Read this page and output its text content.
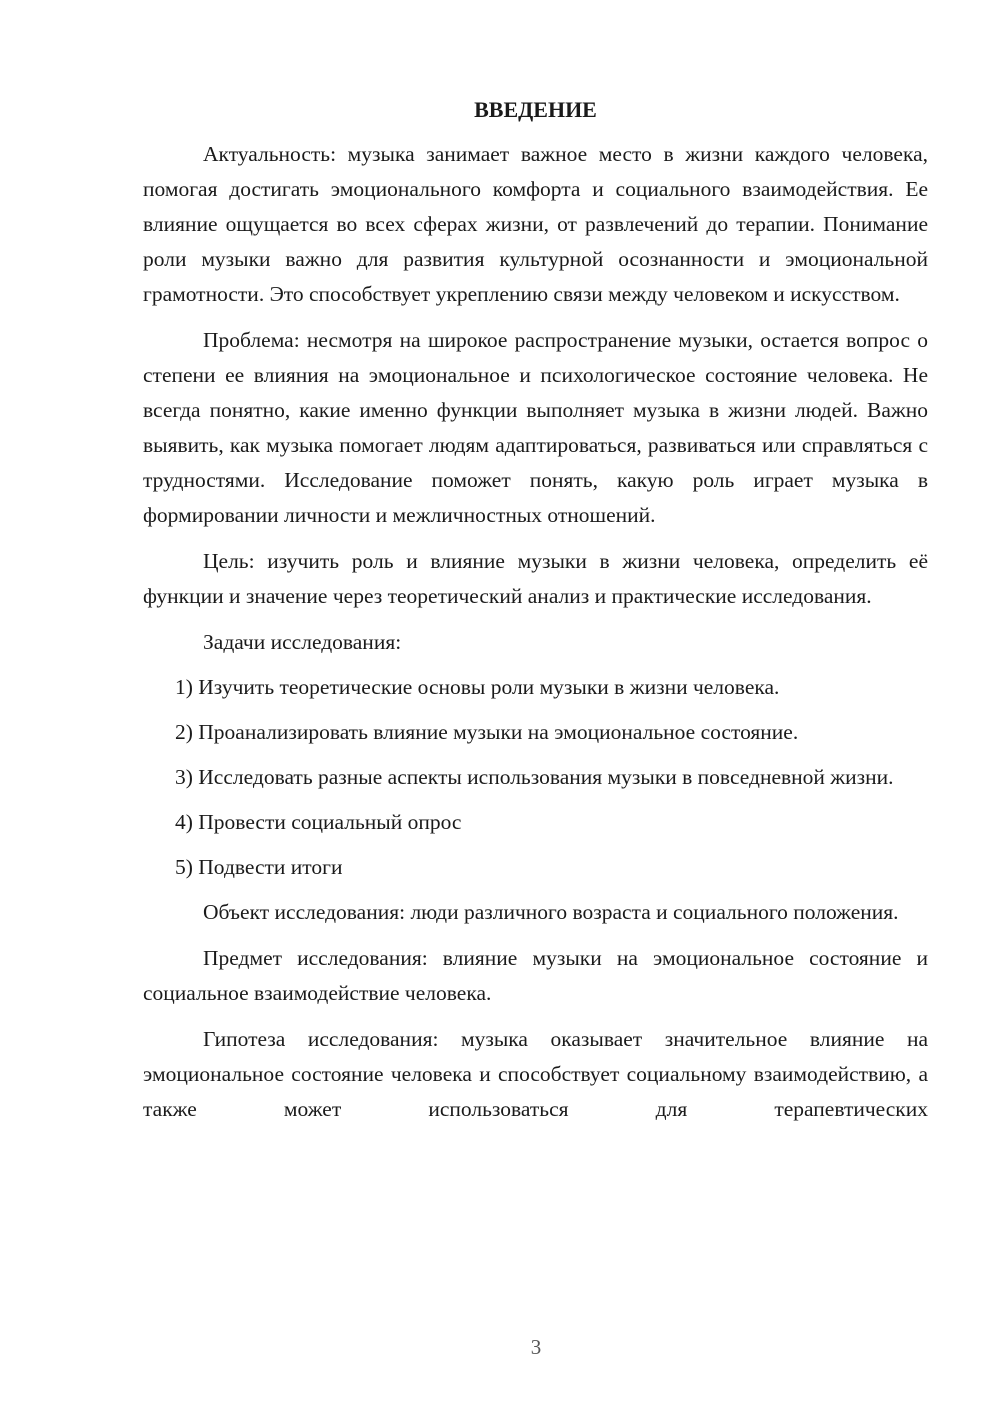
ВВЕДЕНИЕ

Актуальность: музыка занимает важное место в жизни каждого человека, помогая достигать эмоционального комфорта и социального взаимодействия. Ее влияние ощущается во всех сферах жизни, от развлечений до терапии. Понимание роли музыки важно для развития культурной осознанности и эмоциональной грамотности. Это способствует укреплению связи между человеком и искусством.

Проблема: несмотря на широкое распространение музыки, остается вопрос о степени ее влияния на эмоциональное и психологическое состояние человека. Не всегда понятно, какие именно функции выполняет музыка в жизни людей. Важно выявить, как музыка помогает людям адаптироваться, развиваться или справляться с трудностями. Исследование поможет понять, какую роль играет музыка в формировании личности и межличностных отношений.

Цель: изучить роль и влияние музыки в жизни человека, определить её функции и значение через теоретический анализ и практические исследования.

Задачи исследования:

1) Изучить теоретические основы роли музыки в жизни человека.

2) Проанализировать влияние музыки на эмоциональное состояние.

3) Исследовать разные аспекты использования музыки в повседневной жизни.

4) Провести социальный опрос

5) Подвести итоги

Объект исследования: люди различного возраста и социального положения.

Предмет исследования: влияние музыки на эмоциональное состояние и социальное взаимодействие человека.

Гипотеза исследования: музыка оказывает значительное влияние на эмоциональное состояние человека и способствует социальному взаимодействию, а также может использоваться для терапевтических

3
